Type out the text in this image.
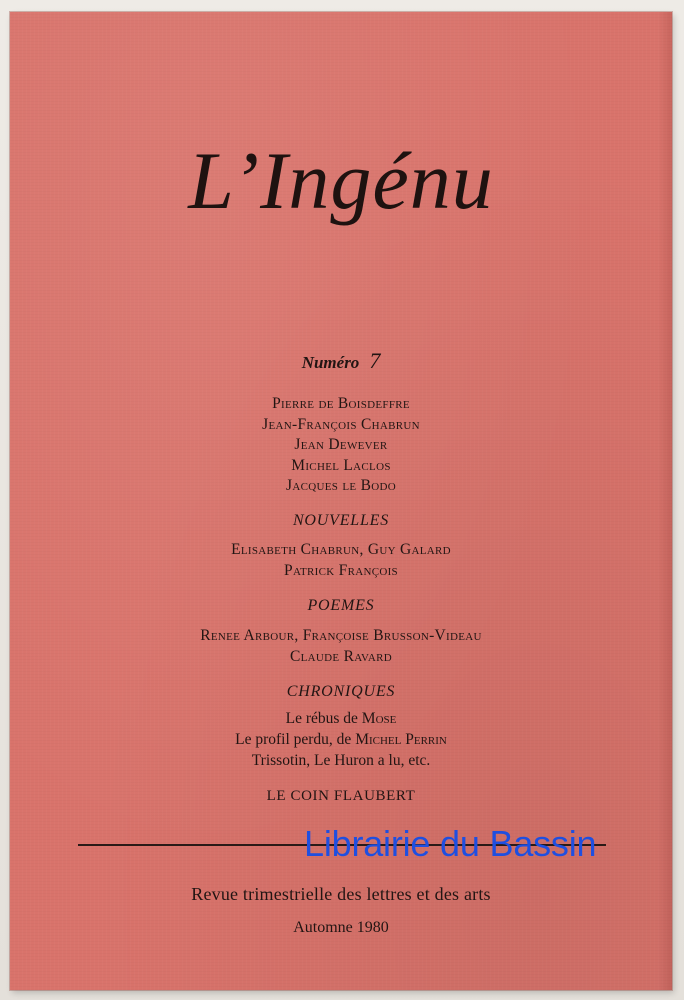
L’Ingénu
Numéro 7
Pierre de Boisdeffre
Jean-François Chabrun
Jean Dewever
Michel Laclos
Jacques le Bodo
NOUVELLES
Elisabeth Chabrun, Guy Galard
Patrick François
POEMES
Renee Arbour, Françoise Brusson-Videau
Claude Ravard
CHRONIQUES
Le rébus de Mose
Le profil perdu, de Michel Perrin
Trissotin, Le Huron a lu, etc.
LE COIN FLAUBERT
Revue trimestrielle des lettres et des arts
Automne 1980
Librairie du Bassin
